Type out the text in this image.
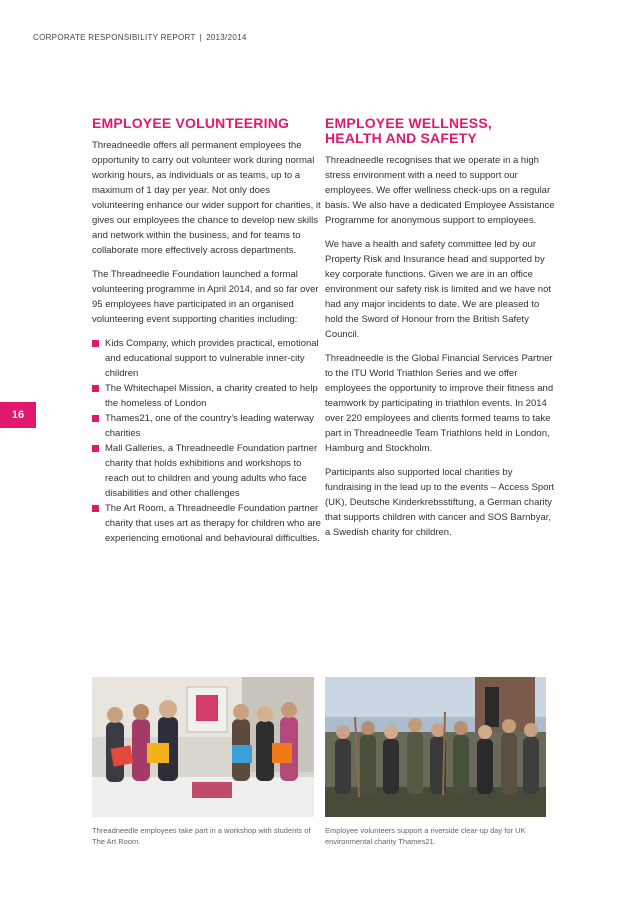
CORPORATE RESPONSIBILITY REPORT | 2013/2014
16
EMPLOYEE VOLUNTEERING

Threadneedle offers all permanent employees the opportunity to carry out volunteer work during normal working hours, as individuals or as teams, up to a maximum of 1 day per year. Not only does volunteering enhance our wider support for charities, it gives our employees the chance to develop new skills and network within the business, and for teams to collaborate more effectively across departments.

The Threadneedle Foundation launched a formal volunteering programme in April 2014, and so far over 95 employees have participated in an organised volunteering event supporting charities including:

Kids Company, which provides practical, emotional and educational support to vulnerable inner-city children
The Whitechapel Mission, a charity created to help the homeless of London
Thames21, one of the country’s leading waterway charities
Mall Galleries, a Threadneedle Foundation partner charity that holds exhibitions and workshops to reach out to children and young adults who face disabilities and other challenges
The Art Room, a Threadneedle Foundation partner charity that uses art as therapy for children who are experiencing emotional and behavioural difficulties.
EMPLOYEE WELLNESS,
HEALTH AND SAFETY

Threadneedle recognises that we operate in a high stress environment with a need to support our employees. We offer wellness check-ups on a regular basis. We also have a dedicated Employee Assistance Programme for anonymous support to employees.

We have a health and safety committee led by our Property Risk and Insurance head and supported by key corporate functions. Given we are in an office environment our safety risk is limited and we have not had any major incidents to date. We are pleased to hold the Sword of Honour from the British Safety Council.

Threadneedle is the Global Financial Services Partner to the ITU World Triathlon Series and we offer employees the opportunity to improve their fitness and teamwork by participating in triathlon events. In 2014 over 220 employees and clients formed teams to take part in Threadneedle Team Triathlons held in London, Hamburg and Stockholm.

Participants also supported local charities by fundraising in the lead up to the events – Access Sport (UK), Deutsche Kinderkrebsstiftung, a German charity that supports children with cancer and SOS Barnbyar, a Swedish charity for children.

Threadneedle employees take part in a workshop with students of The Art Room.
Employee volunteers support a riverside clear-up day for UK environmental charity Thames21.
